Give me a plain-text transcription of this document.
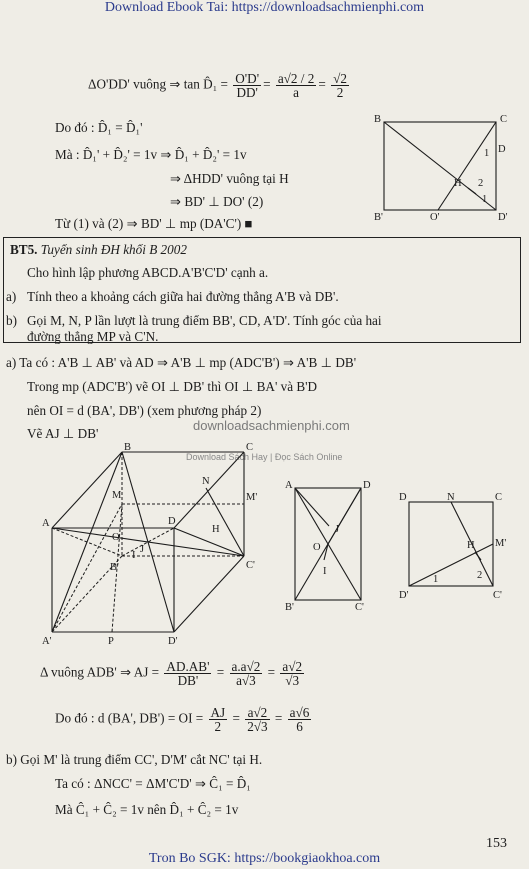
Download Ebook Tai: https://downloadsachmienphi.com
ΔO'DD' vuông ⇒ tan D̂₁ = $\frac{O'D'}{DD'} = \frac{a√2 / 2}{a} = \frac{√2}{2}$
Do đó : D̂₁ = D̂₁'
Mà : D̂₁' + D̂₂' = 1v ⇒ D̂₁ + D̂₂' = 1v
⇒ ΔHDD' vuông tại H
⇒ BD' ⊥ DO' (2)
Từ (1) và (2) ⇒ BD' ⊥ mp (DA'C') ■
B	C
D
H
1
2
1
B'	O'	D'
BT5. Tuyển sinh ĐH khối B 2002
Cho hình lập phương ABCD.A'B'C'D' cạnh a.
a) Tính theo a khoảng cách giữa hai đường thẳng A'B và DB'.
b) Gọi M, N, P lần lượt là trung điểm BB', CD, A'D'. Tính góc của hai
đường thẳng MP và C'N.
a) Ta có : A'B ⊥ AB' và AD ⇒ A'B ⊥ mp (ADC'B') ⇒ A'B ⊥ DB'
Trong mp (ADC'B') vẽ OI ⊥ DB' thì OI ⊥ BA' và B'D
nên OI = d (BA', DB') (xem phương pháp 2)
Vẽ AJ ⊥ DB'
downloadsachmienphi.com
Download Sách Hay | Đọc Sách Online
B	C
M	M'
N
A
O
D
J
I
H
B'	C'
A'	P	D'
A	D
J
O
I
B'	C'
D	N	C
H M'
1	2
D'	C'
Δ vuông ADB' ⇒ AJ = $\frac{AD.AB'}{DB'} = \frac{a.a√2}{a√3} = \frac{a√2}{√3}$
Do đó : d (BA', DB') = OI = $\frac{AJ}{2} = \frac{a√2}{2√3} = \frac{a√6}{6}$
b) Gọi M' là trung điểm CC', D'M' cắt NC' tại H.
Ta có : ΔNCC' = ΔM'C'D' ⇒ Ĉ₁ = D̂₁
Mà Ĉ₁ + Ĉ₂ = 1v nên D̂₁ + Ĉ₂ = 1v
153
Tron Bo SGK: https://bookgiaokhoa.com
